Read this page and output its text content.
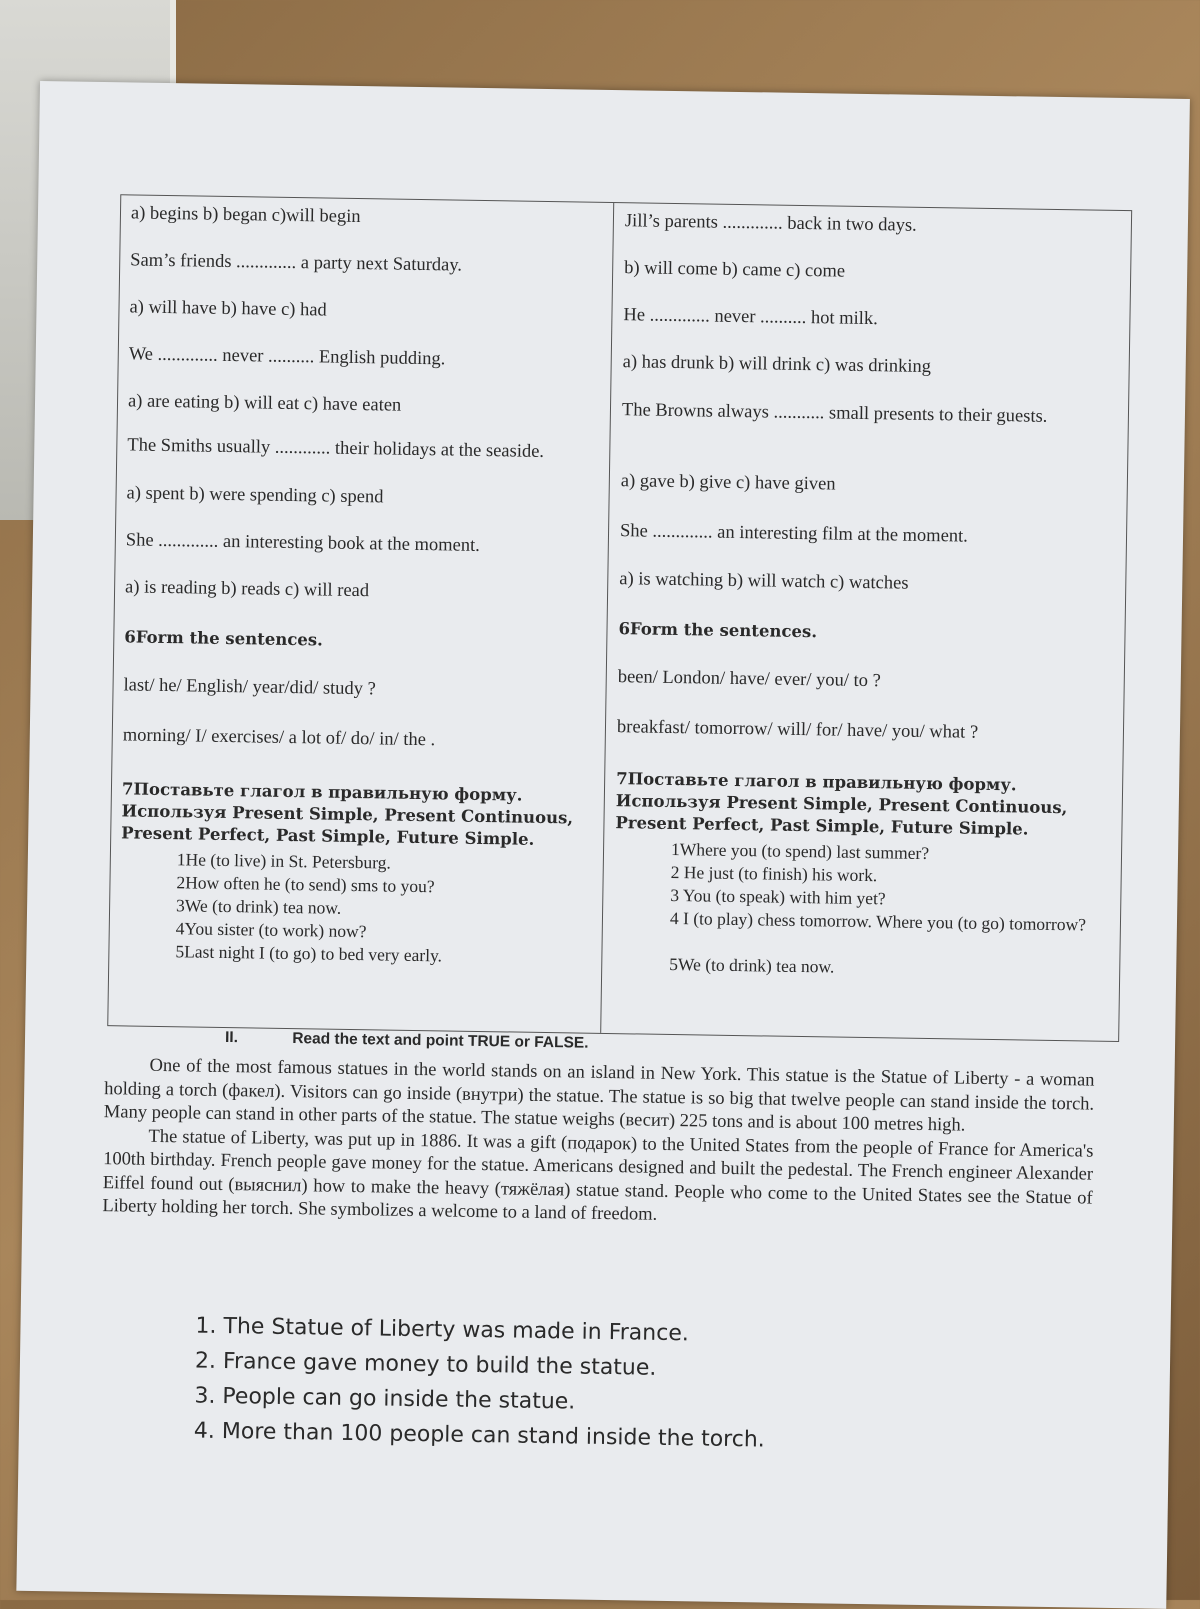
a) begins b) began c)will begin
Sam’s friends ............. a party next Saturday.
a) will have b) have c) had
We ............. never .......... English pudding.
a) are eating b) will eat c) have eaten
The Smiths usually ............ their holidays at the seaside.
a) spent b) were spending c) spend
She ............. an interesting book at the moment.
a) is reading b) reads c) will read
6Form the sentences.
last/ he/ English/ year/did/ study ?
morning/ I/ exercises/ a lot of/ do/ in/ the .
7Поставьте глагол в правильную форму.
Используя Present Simple, Present Continuous,
Present Perfect, Past Simple, Future Simple.
1He (to live) in St. Petersburg.
2How often he (to send) sms to you?
3We (to drink) tea now.
4You sister (to work) now?
5Last night I (to go) to bed very early.
Jill’s parents ............. back in two days.
b) will come b) came c) come
He ............. never .......... hot milk.
a) has drunk b) will drink c) was drinking
The Browns always ........... small presents to their guests.
a) gave b) give c) have given
She ............. an interesting film at the moment.
a) is watching b) will watch c) watches
6Form the sentences.
been/ London/ have/ ever/ you/ to ?
breakfast/ tomorrow/ will/ for/ have/ you/ what ?
7Поставьте глагол в правильную форму.
Используя Present Simple, Present Continuous,
Present Perfect, Past Simple, Future Simple.
1Where you (to spend) last summer?
2 He just (to finish) his work.
3 You (to speak) with him yet?
4 I (to play) chess tomorrow. Where you (to go) tomorrow?
5We (to drink) tea now.
II.	Read the text and point TRUE or FALSE.

One of the most famous statues in the world stands on an island in New York. This statue is the Statue of Liberty - a woman holding a torch (факел). Visitors can go inside (внутри) the statue. The statue is so big that twelve people can stand inside the torch. Many people can stand in other parts of the statue. The statue weighs (весит) 225 tons and is about 100 metres high.

The statue of Liberty, was put up in 1886. It was a gift (подарок) to the United States from the people of France for America's 100th birthday. French people gave money for the statue. Americans designed and built the pedestal. The French engineer Alexander Eiffel found out (выяснил) how to make the heavy (тяжёлая) statue stand. People who come to the United States see the Statue of Liberty holding her torch. She symbolizes a welcome to a land of freedom.

1. The Statue of Liberty was made in France.
2. France gave money to build the statue.
3. People can go inside the statue.
4. More than 100 people can stand inside the torch.
